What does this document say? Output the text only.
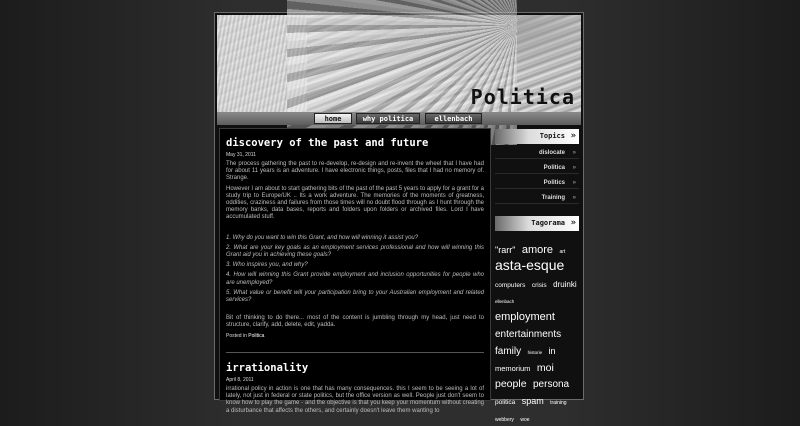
Politica
home	why politica	ellenbach
discovery of the past and future
May 31, 2011

The process gathering the past to re-develop, re-design and re-invent the wheel that I have had for about 11 years is an adventure. I have electronic things, posts, files that I had no memory of. Strange.

However I am about to start gathering bits of the past of the past 5 years to apply for a grant for a study trip to Europe/UK .. Its a work adventure. The memories of the moments of greatness, oddities, craziness and failures from those times will no doubt flood through as I hunt through the memory banks, data bases, reports and folders upon folders or archived files. Lord I have accumulated stuff.

1. Why do you want to win this Grant, and how will winning it assist you?

2. What are your key goals as an employment services professional and how will winning this Grant aid you in achieving these goals?

3. Who inspires you, and why?

4. How will winning this Grant provide employment and inclusion opportunities for people who are unemployed?

5. What value or benefit will your participation bring to your Australian employment and related services?

Bit of thinking to do there... most of the content is jumbling through my head, just need to structure, clarify, add, delete, edit, yadda.

Posted in Politica
irrationality
April 8, 2011

irrational policy in action is one that has many consequences. this I seem to be seeing a lot of lately, not just in federal or state politics, but the office version as well. People just don't seem to know how to play the game - and the objective is that you keep your momentum without creating a disturbance that affects the others, and certainly doesn't leave them wanting to

Topics »
dislocate »
Politica »
Politics »
Training »
Tagorama »
"rarr" amore art asta-esque computers crisis druinki ellenbach employment entertainments family historie in memorium moi people persona politica spam training webbery woe
